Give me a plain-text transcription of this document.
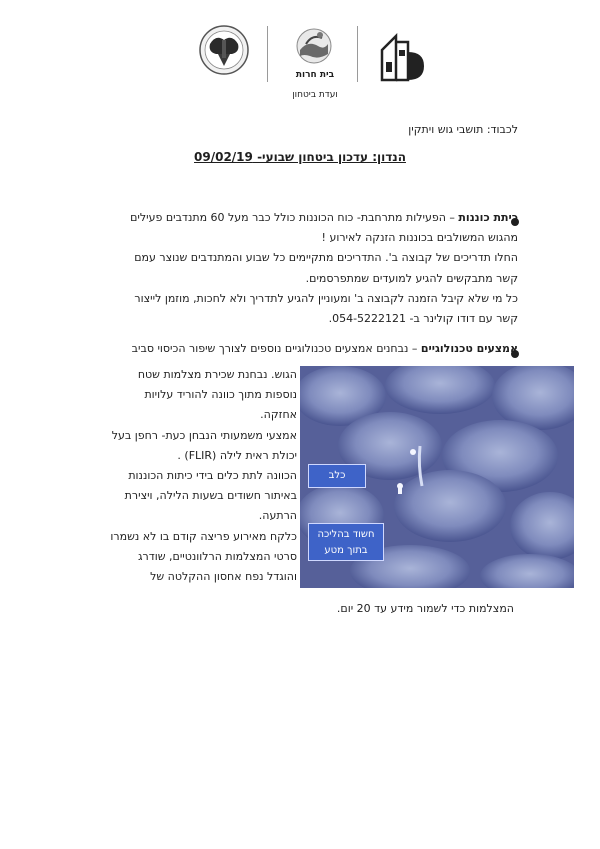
בית חרות
ועדת ביטחון
לכבוד: תושבי גוש ויתקין
הנדון: עדכון ביטחון שבועי- 09/02/19
כיתת כוננות – הפעילות מתרחבת- כוח הכוננות כולל כבר מעל 60 מתנדבים פעילים
מהגוש המשולבים בכוננות הזנקה לאירוע !
החלו תדריכים של קבוצה ב'. התדריכים מתקיימים כל שבוע והמתנדבים שנוצר עמם
קשר מתבקשים להגיע למועדים שמתפרסמים.
כל מי שלא קיבל הזמנה לקבוצה ב' ומעוניין להגיע לתדריך ולא לחכות, מוזמן לייצור
קשר עם דודו קולינר ב- 054-5222121.
אמצעים טכנולוגיים – נבחנים אמצעים טכנולוגיים נוספים לצורך שיפור הכיסוי סביב
הגוש. נבחנת שכירת מצלמות שטח
נוספות מתוך כוונה להוריד עלויות
אחזקה.
אמצעי משמעותי הנבחן כעת- רחפן בעל
יכולת ראית לילה (FLIR) .
הכוונה לתת כלים בידי כיתות הכוננות
באיתור חשודים בשעות הלילה, ויצירת
הרתעה.
כלקח מאירוע פריצה קודם בו לא נשמרו
סרטי המצלמות הרלוונטיים, שודרג
והוגדל נפח אחסון ההקלטה של
כלב
חשוד בהליכה
בתוך מטע
המצלמות כדי לשמור מידע עד 20 יום.
